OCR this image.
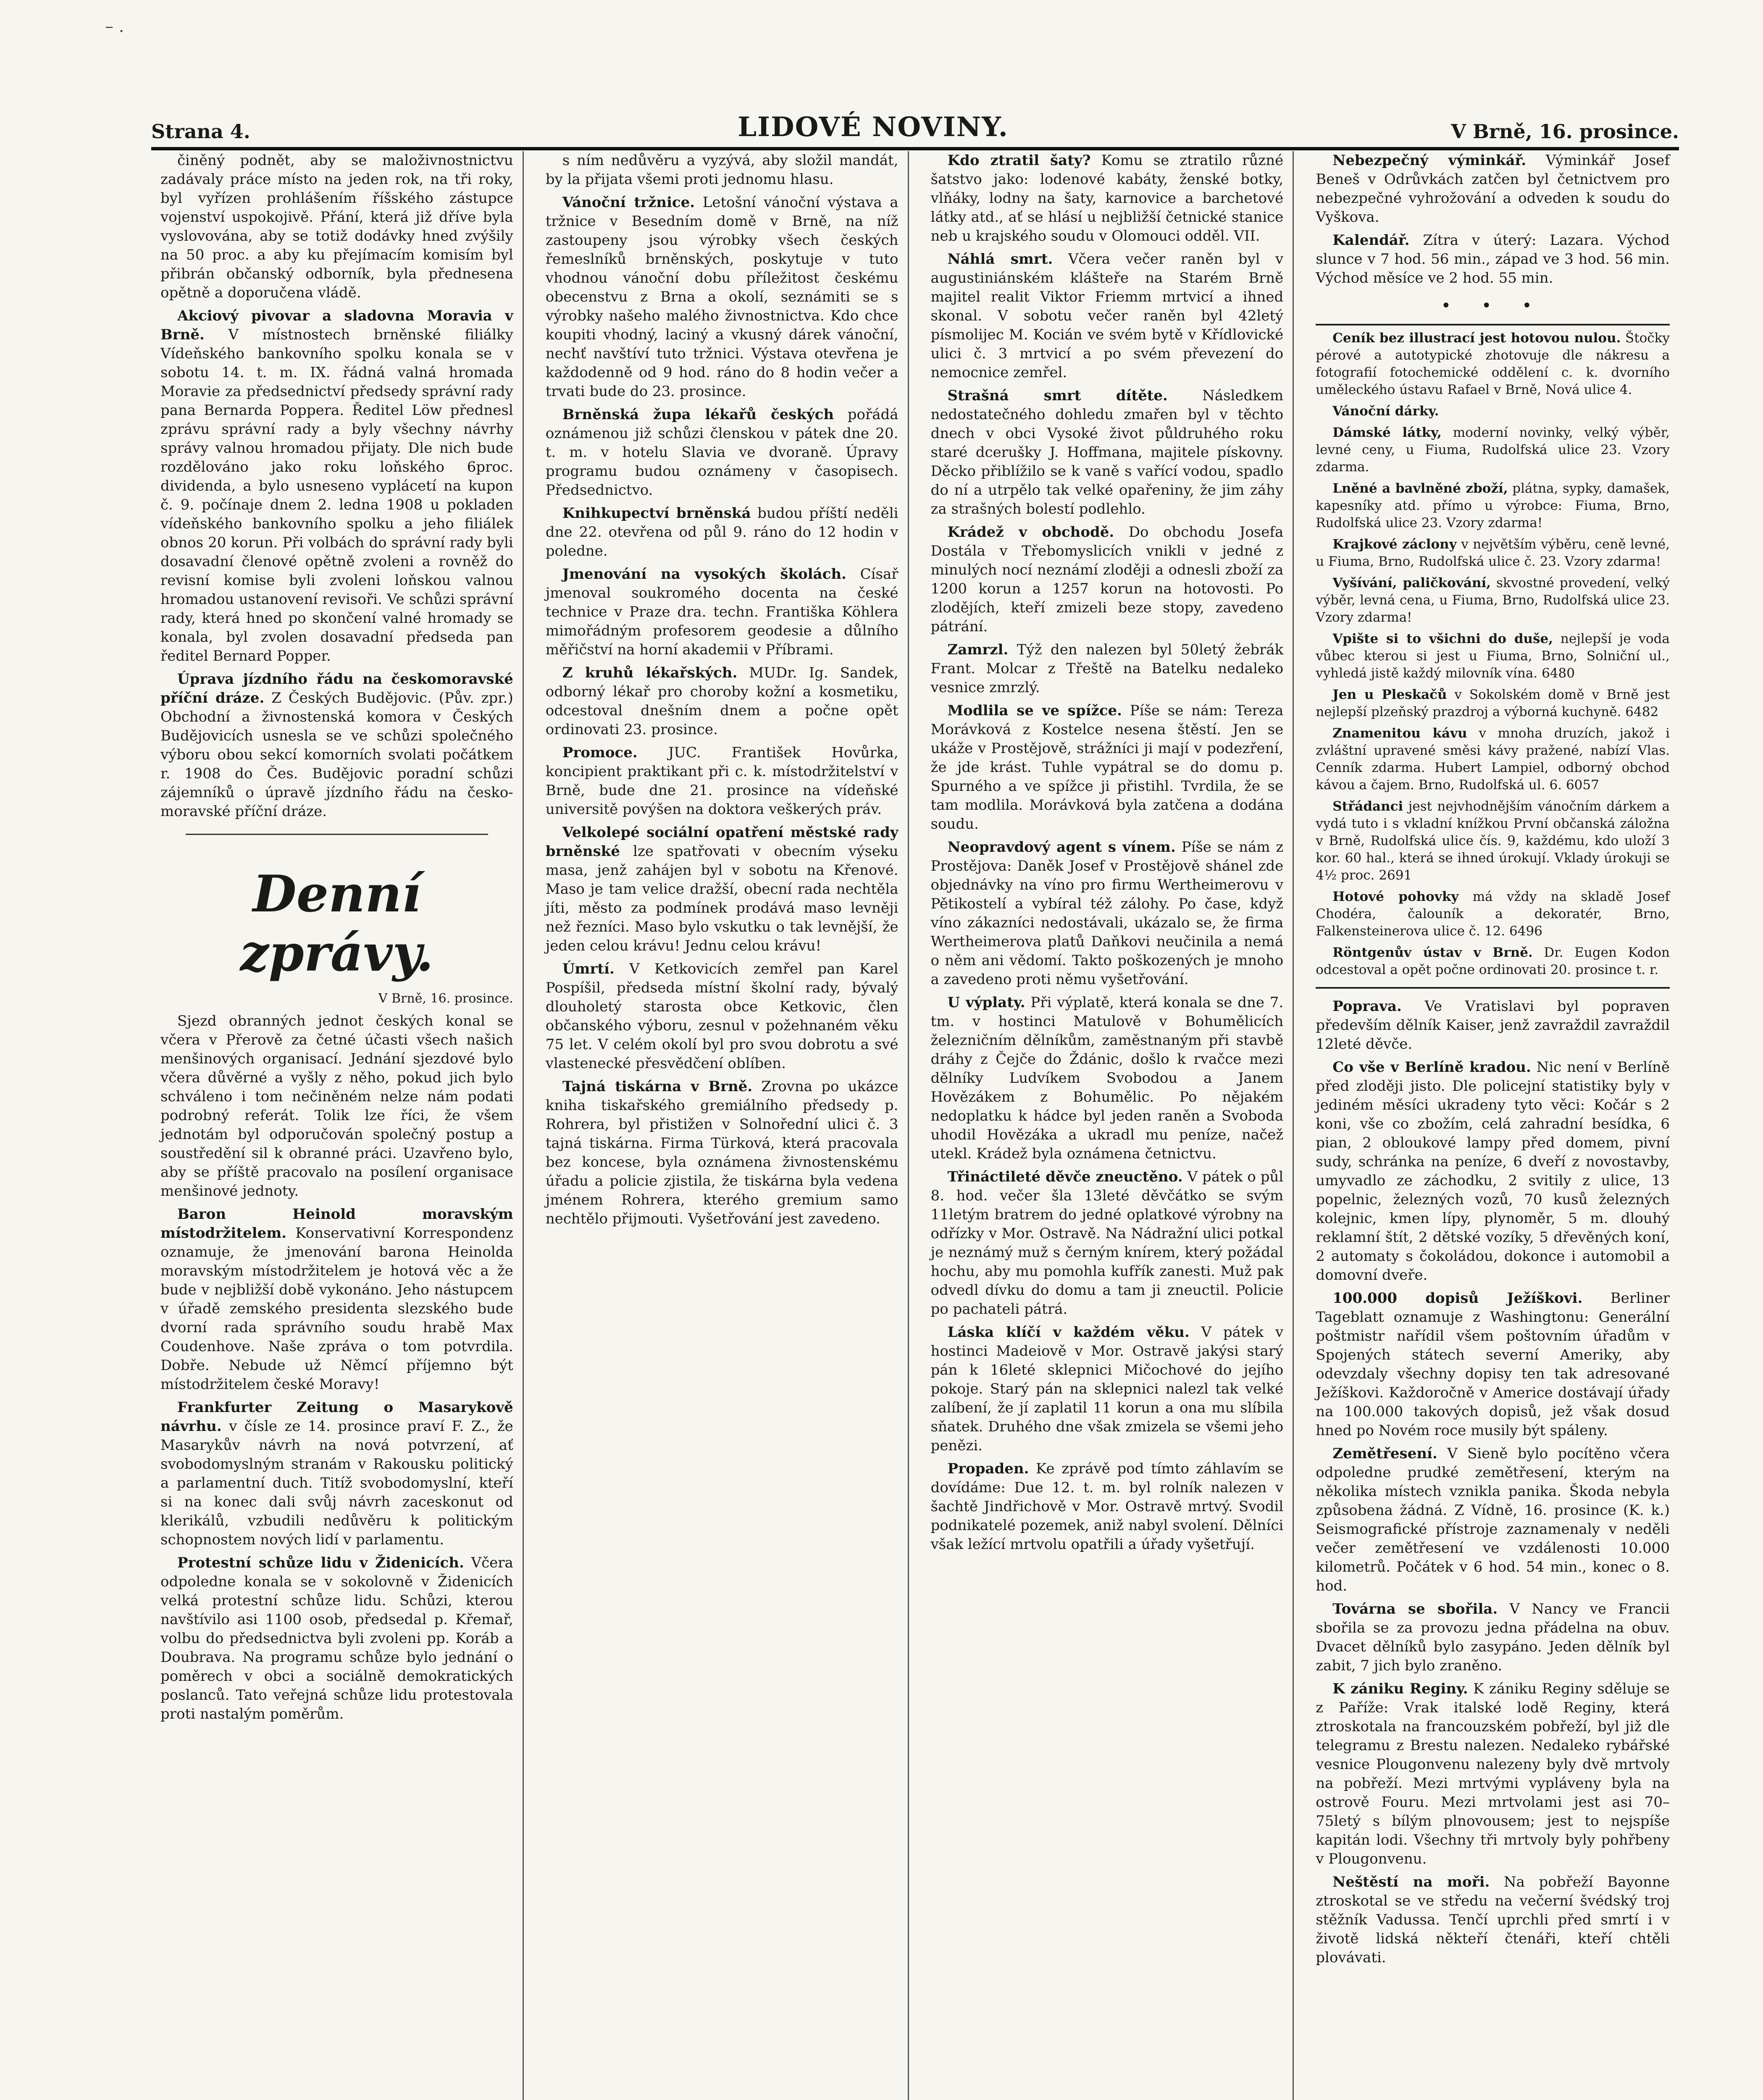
– .
Strana 4.	LIDOVÉ NOVINY.	V Brně, 16. prosince.

činěný podnět, aby se maloživnostnictvu zadávaly práce místo na jeden rok, na tři roky, byl vyřízen prohlášením říšského zástupce vojenství uspokojivě. Přání, která již dříve byla vyslovována, aby se totiž dodávky hned zvýšily na 50 proc. a aby ku přejímacím komisím byl přibrán občanský odborník, byla přednesena opětně a doporučena vládě.

Akciový pivovar a sladovna Moravia v Brně. V místnostech brněnské filiálky Vídeňského bankovního spolku konala se v sobotu 14. t. m. IX. řádná valná hromada Moravie za předsednictví předsedy správní rady pana Bernarda Poppera. Ředitel Löw přednesl zprávu správní rady a byly všechny návrhy správy valnou hromadou přijaty. Dle nich bude rozdělováno jako roku loňského 6proc. dividenda, a bylo usneseno vyplácetí na kupon č. 9. počínaje dnem 2. ledna 1908 u pokladen vídeňského bankovního spolku a jeho filiálek obnos 20 korun. Při volbách do správní rady byli dosavadní členové opětně zvoleni a rovněž do revisní komise byli zvoleni loňskou valnou hromadou ustanovení revisoři. Ve schůzi správní rady, která hned po skončení valné hromady se konala, byl zvolen dosavadní předseda pan ředitel Bernard Popper.

Úprava jízdního řádu na českomoravské příční dráze. Z Českých Budějovic. (Pův. zpr.) Obchodní a živnostenská komora v Českých Budějovicích usnesla se ve schůzi společného výboru obou sekcí komorních svolati počátkem r. 1908 do Čes. Budějovic poradní schůzi zájemníků o úpravě jízdního řádu na česko-moravské příční dráze.

Denní zprávy.
V Brně, 16. prosince.

Sjezd obranných jednot českých konal se včera v Přerově za četné účasti všech našich menšinových organisací. Jednání sjezdové bylo včera důvěrné a vyšly z něho, pokud jich bylo schváleno i tom nečiněném nelze nám podati podrobný referát. Tolik lze říci, že všem jednotám byl odporučován společný postup a soustředění sil k obranné práci. Uzavřeno bylo, aby se příště pracovalo na posílení organisace menšinové jednoty.

Baron Heinold moravským místodržitelem. Konservativní Korrespondenz oznamuje, že jmenování barona Heinolda moravským místodržitelem je hotová věc a že bude v nejbližší době vykonáno. Jeho nástupcem v úřadě zemského presidenta slezského bude dvorní rada správního soudu hrabě Max Coudenhove. Naše zpráva o tom potvrdila. Dobře. Nebude už Němcí příjemno být místodržitelem české Moravy!

Frankfurter Zeitung o Masarykově návrhu. v čísle ze 14. prosince praví F. Z., že Masarykův návrh na nová potvrzení, ať svobodomyslným stranám v Rakousku politický a parlamentní duch. Titíž svobodomyslní, kteří si na konec dali svůj návrh zaceskonut od klerikálů, vzbudili nedůvěru k politickým schopnostem nových lidí v parlamentu.

Protestní schůze lidu v Židenicích. Včera odpoledne konala se v sokolovně v Židenicích velká protestní schůze lidu. Schůzi, kterou navštívilo asi 1100 osob, předsedal p. Křemař, volbu do předsednictva byli zvoleni pp. Koráb a Doubrava. Na programu schůze bylo jednání o poměrech v obci a sociálně demokratických poslanců. Tato veřejná schůze lidu protestovala proti nastalým poměrům.

s ním nedůvěru a vyzývá, aby složil mandát, by la přijata všemi proti jednomu hlasu.

Vánoční tržnice. Letošní vánoční výstava a tržnice v Besedním domě v Brně, na níž zastoupeny jsou výrobky všech českých řemeslníků brněnských, poskytuje v tuto vhodnou vánoční dobu příležitost českému obecenstvu z Brna a okolí, seznámiti se s výrobky našeho malého živnostnictva. Kdo chce koupiti vhodný, laciný a vkusný dárek vánoční, nechť navštíví tuto tržnici. Výstava otevřena je každodenně od 9 hod. ráno do 8 hodin večer a trvati bude do 23. prosince.

Brněnská župa lékařů českých pořádá oznámenou již schůzi členskou v pátek dne 20. t. m. v hotelu Slavia ve dvoraně. Úpravy programu budou oznámeny v časopisech. Předsednictvo.

Knihkupectví brněnská budou příští neděli dne 22. otevřena od půl 9. ráno do 12 hodin v poledne.

Jmenování na vysokých školách. Císař jmenoval soukromého docenta na české technice v Praze dra. techn. Františka Köhlera mimořádným profesorem geodesie a důlního měřičství na horní akademii v Příbrami.

Z kruhů lékařských. MUDr. Ig. Sandek, odborný lékař pro choroby kožní a kosmetiku, odcestoval dnešním dnem a počne opět ordinovati 23. prosince.

Promoce. JUC. František Hovůrka, koncipient praktikant při c. k. místodržitelství v Brně, bude dne 21. prosince na vídeňské universitě povýšen na doktora veškerých práv.

Velkolepé sociální opatření městské rady brněnské lze spatřovati v obecním výseku masa, jenž zahájen byl v sobotu na Křenové. Maso je tam velice dražší, obecní rada nechtěla jíti, město za podmínek prodává maso levněji než řezníci. Maso bylo vskutku o tak levnější, že jeden celou krávu! Jednu celou krávu!

Úmrtí. V Ketkovicích zemřel pan Karel Pospíšil, předseda místní školní rady, bývalý dlouholetý starosta obce Ketkovic, člen občanského výboru, zesnul v požehnaném věku 75 let. V celém okolí byl pro svou dobrotu a své vlastenecké přesvědčení oblíben.

Tajná tiskárna v Brně. Zrovna po ukázce kniha tiskařského gremiálního předsedy p. Rohrera, byl přistižen v Solnořední ulici č. 3 tajná tiskárna. Firma Türková, která pracovala bez koncese, byla oznámena živnostenskému úřadu a policie zjistila, že tiskárna byla vedena jménem Rohrera, kterého gremium samo nechtělo přijmouti. Vyšetřování jest zavedeno.

Kdo ztratil šaty? Komu se ztratilo různé šatstvo jako: lodenové kabáty, ženské botky, vlňáky, lodny na šaty, karnovice a barchetové látky atd., ať se hlásí u nejbližší četnické stanice neb u krajského soudu v Olomouci odděl. VII.

Náhlá smrt. Včera večer raněn byl v augustiniánském klášteře na Starém Brně majitel realit Viktor Friemm mrtvicí a ihned skonal. V sobotu večer raněn byl 42letý písmolijec M. Kocián ve svém bytě v Křídlovické ulici č. 3 mrtvicí a po svém převezení do nemocnice zemřel.

Strašná smrt dítěte. Následkem nedostatečného dohledu zmařen byl v těchto dnech v obci Vysoké život půldruhého roku staré dcerušky J. Hoffmana, majitele pískovny. Děcko přiblížilo se k vaně s vařící vodou, spadlo do ní a utrpělo tak velké opařeniny, že jim záhy za strašných bolestí podlehlo.

Krádež v obchodě. Do obchodu Josefa Dostála v Třebomyslicích vnikli v jedné z minulých nocí neznámí zloději a odnesli zboží za 1200 korun a 1257 korun na hotovosti. Po zlodějích, kteří zmizeli beze stopy, zavedeno pátrání.

Zamrzl. Týž den nalezen byl 50letý žebrák Frant. Molcar z Třeště na Batelku nedaleko vesnice zmrzlý.

Modlila se ve spížce. Píše se nám: Tereza Morávková z Kostelce nesena štěstí. Jen se ukáže v Prostějově, strážníci ji mají v podezření, že jde krást. Tuhle vypátral se do domu p. Spurného a ve spížce ji přistihl. Tvrdila, že se tam modlila. Morávková byla zatčena a dodána soudu.

Neopravdový agent s vínem. Píše se nám z Prostějova: Daněk Josef v Prostějově shánel zde objednávky na víno pro firmu Wertheimerovu v Pětikostelí a vybíral též zálohy. Po čase, když víno zákazníci nedostávali, ukázalo se, že firma Wertheimerova platů Daňkovi neučinila a nemá o něm ani vědomí. Takto poškozených je mnoho a zavedeno proti němu vyšetřování.

U výplaty. Při výplatě, která konala se dne 7. tm. v hostinci Matulově v Bohumělicích železničním dělníkům, zaměstnaným při stavbě dráhy z Čejče do Ždánic, došlo k rvačce mezi dělníky Ludvíkem Svobodou a Janem Hovězákem z Bohumělic. Po nějakém nedoplatku k hádce byl jeden raněn a Svoboda uhodil Hovězáka a ukradl mu peníze, načež utekl. Krádež byla oznámena četnictvu.

Třináctileté děvče zneuctěno. V pátek o půl 8. hod. večer šla 13leté děvčátko se svým 11letým bratrem do jedné oplatkové výrobny na odřízky v Mor. Ostravě. Na Nádražní ulici potkal je neznámý muž s černým knírem, který požádal hochu, aby mu pomohla kufřík zanesti. Muž pak odvedl dívku do domu a tam ji zneuctil. Policie po pachateli pátrá.

Láska klíčí v každém věku. V pátek v hostinci Madeiově v Mor. Ostravě jakýsi starý pán k 16leté sklepnici Mičochové do jejího pokoje. Starý pán na sklepnici nalezl tak velké zalíbení, že jí zaplatil 11 korun a ona mu slíbila sňatek. Druhého dne však zmizela se všemi jeho penězi.

Propaden. Ke zprávě pod tímto záhlavím se dovídáme: Due 12. t. m. byl rolník nalezen v šachtě Jindřichově v Mor. Ostravě mrtvý. Svodil podnikatelé pozemek, aniž nabyl svolení. Dělníci však ležící mrtvolu opatřili a úřady vyšetřují.

Nebezpečný výminkář. Výminkář Josef Beneš v Odrůvkách zatčen byl četnictvem pro nebezpečné vyhrožování a odveden k soudu do Vyškova.

Kalendář. Zítra v úterý: Lazara. Východ slunce v 7 hod. 56 min., západ ve 3 hod. 56 min. Východ měsíce ve 2 hod. 55 min.

• • •

Ceník bez illustrací jest hotovou nulou. Štočky pérové a autotypické zhotovuje dle nákresu a fotografií fotochemické oddělení c. k. dvorního uměleckého ústavu Rafael v Brně, Nová ulice 4.

Vánoční dárky.

Dámské látky, moderní novinky, velký výběr, levné ceny, u Fiuma, Rudolfská ulice 23. Vzory zdarma.

Lněné a bavlněné zboží, plátna, sypky, damašek, kapesníky atd. přímo u výrobce: Fiuma, Brno, Rudolfská ulice 23. Vzory zdarma!

Krajkové záclony v největším výběru, ceně levné, u Fiuma, Brno, Rudolfská ulice č. 23. Vzory zdarma!

Vyšívání, paličkování, skvostné provedení, velký výběr, levná cena, u Fiuma, Brno, Rudolfská ulice 23. Vzory zdarma!

Vpište si to všichni do duše, nejlepší je voda vůbec kterou si jest u Fiuma, Brno, Solniční ul., vyhledá jistě každý milovník vína. 6480

Jen u Pleskačů v Sokolském domě v Brně jest nejlepší plzeňský prazdroj a výborná kuchyně. 6482

Znamenitou kávu v mnoha druzích, jakož i zvláštní upravené směsi kávy pražené, nabízí Vlas. Cenník zdarma. Hubert Lampiel, odborný obchod kávou a čajem. Brno, Rudolfská ul. 6. 6057

Střádanci jest nejvhodnějším vánočním dárkem a vydá tuto i s vkladní knížkou První občanská záložna v Brně, Rudolfská ulice čís. 9, každému, kdo uloží 3 kor. 60 hal., která se ihned úrokují. Vklady úrokuji se 4½ proc. 2691

Hotové pohovky má vždy na skladě Josef Chodéra, čalouník a dekoratér, Brno, Falkensteinerova ulice č. 12. 6496

Röntgenův ústav v Brně. Dr. Eugen Kodon odcestoval a opět počne ordinovati 20. prosince t. r.

Poprava. Ve Vratislavi byl popraven především dělník Kaiser, jenž zavraždil zavraždil 12leté děvče.

Co vše v Berlíně kradou. Nic není v Berlíně před zloději jisto. Dle policejní statistiky byly v jediném měsíci ukradeny tyto věci: Kočár s 2 koni, vše co zbožím, celá zahradní besídka, 6 pian, 2 obloukové lampy před domem, pivní sudy, schránka na peníze, 6 dveří z novostavby, umyvadlo ze záchodku, 2 svitily z ulice, 13 popelnic, železných vozů, 70 kusů železných kolejnic, kmen lípy, plynoměr, 5 m. dlouhý reklamní štít, 2 dětské vozíky, 5 dřevěných koní, 2 automaty s čokoládou, dokonce i automobil a domovní dveře.

100.000 dopisů Ježíškovi. Berliner Tageblatt oznamuje z Washingtonu: Generální poštmistr nařídil všem poštovním úřadům v Spojených státech severní Ameriky, aby odevzdaly všechny dopisy ten tak adresované Ježíškovi. Každoročně v Americe dostávají úřady na 100.000 takových dopisů, jež však dosud hned po Novém roce musily být spáleny.

Zemětřesení. V Sieně bylo pocítěno včera odpoledne prudké zemětřesení, kterým na několika místech vznikla panika. Škoda nebyla způsobena žádná. Z Vídně, 16. prosince (K. k.) Seismografické přístroje zaznamenaly v neděli večer zemětřesení ve vzdálenosti 10.000 kilometrů. Počátek v 6 hod. 54 min., konec o 8. hod.

Továrna se sbořila. V Nancy ve Francii sbořila se za provozu jedna přádelna na obuv. Dvacet dělníků bylo zasypáno. Jeden dělník byl zabit, 7 jich bylo zraněno.

K zániku Reginy. K zániku Reginy sděluje se z Paříže: Vrak italské lodě Reginy, která ztroskotala na francouzském pobřeží, byl již dle telegramu z Brestu nalezen. Nedaleko rybářské vesnice Plougonvenu nalezeny byly dvě mrtvoly na pobřeží. Mezi mrtvými vypláveny byla na ostrově Fouru. Mezi mrtvolami jest asi 70–75letý s bílým plnovousem; jest to nejspíše kapitán lodi. Všechny tři mrtvoly byly pohřbeny v Plougonvenu.

Neštěstí na moři. Na pobřeží Bayonne ztroskotal se ve středu na večerní švédský troj stěžník Vadussa. Tenčí uprchli před smrtí i v životě lidská někteří čtenáři, kteří chtěli plovávati.
